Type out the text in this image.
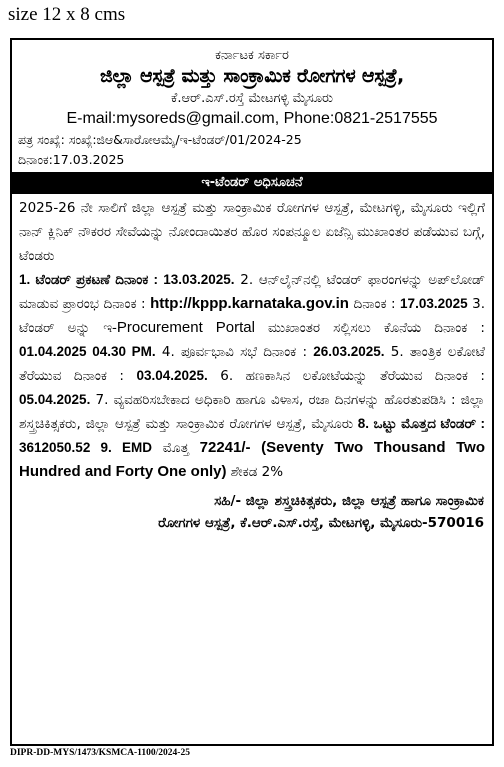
size 12 x 8 cms
ಕರ್ನಾಟಕ ಸರ್ಕಾರ
ಜಿಲ್ಲಾ ಆಸ್ಪತ್ರೆ ಮತ್ತು ಸಾಂಕ್ರಾಮಿಕ ರೋಗಗಳ ಆಸ್ಪತ್ರೆ,
ಕೆ.ಆರ್.ಎಸ್.ರಸ್ತೆ ಮೇಟಗಳ್ಳಿ ಮೈಸೂರು
E-mail:mysoreds@gmail.com, Phone:0821-2517555
ಪತ್ರ ಸಂಖ್ಯೆ: ಸಂಖ್ಯೆ:ಜಿಆ&ಸಾರೋಆಮೈ/ಇ-ಟೆಂಡರ್/01/2024-25
ದಿನಾಂಕ:17.03.2025
ಇ-ಟೆಂಡರ್ ಅಧಿಸೂಚನೆ
2025-26 ನೇ ಸಾಲಿಗೆ ಜಿಲ್ಲಾ ಆಸ್ಪತ್ರೆ ಮತ್ತು ಸಾಂಕ್ರಾಮಿಕ ರೋಗಗಳ ಆಸ್ಪತ್ರೆ, ಮೇಟಗಳ್ಳಿ, ಮೈಸೂರು ಇಲ್ಲಿಗೆ ನಾನ್ ಕ್ಲಿನಿಕ್ ನೌಕರರ ಸೇವೆಯನ್ನು ನೋಂದಾಯಿತರ ಹೊರ ಸಂಪನ್ಮೂಲ ಏಜೆನ್ಸಿ ಮುಖಾಂತರ ಪಡೆಯುವ ಬಗ್ಗೆ, ಟೆಂಡರು
1. ಟೆಂಡರ್ ಪ್ರಕಟಣೆ ದಿನಾಂಕ : 13.03.2025. 2. ಆನ್‌ಲೈನ್‌ನಲ್ಲಿ ಟೆಂಡರ್ ಫಾರಂಗಳನ್ನು ಅಪ್‌ಲೋಡ್ ಮಾಡುವ ಪ್ರಾರಂಭ ದಿನಾಂಕ : http://kppp.karnataka.gov.in ದಿನಾಂಕ : 17.03.2025 3. ಟೆಂಡರ್ ಅನ್ನು ಇ-Procurement Portal ಮುಖಾಂತರ ಸಲ್ಲಿಸಲು ಕೊನೆಯ ದಿನಾಂಕ : 01.04.2025 04.30 PM. 4. ಪೂರ್ವಭಾವಿ ಸಭೆ ದಿನಾಂಕ : 26.03.2025. 5. ತಾಂತ್ರಿಕ ಲಕೋಟೆ ತೆರೆಯುವ ದಿನಾಂಕ : 03.04.2025. 6. ಹಣಕಾಸಿನ ಲಕೋಟೆಯನ್ನು ತೆರೆಯುವ ದಿನಾಂಕ : 05.04.2025. 7. ವ್ಯವಹರಿಸಬೇಕಾದ ಅಧಿಕಾರಿ ಹಾಗೂ ವಿಳಾಸ, ರಜಾ ದಿನಗಳನ್ನು ಹೊರತುಪಡಿಸಿ : ಜಿಲ್ಲಾ ಶಸ್ತ್ರಚಿಕಿತ್ಸಕರು, ಜಿಲ್ಲಾ ಆಸ್ಪತ್ರೆ ಮತ್ತು ಸಾಂಕ್ರಾಮಿಕ ರೋಗಗಳ ಆಸ್ಪತ್ರೆ, ಮೈಸೂರು 8. ಒಟ್ಟು ಮೊತ್ತದ ಟೆಂಡರ್ : 3612050.52 9. EMD ಮೊತ್ತ 72241/- (Seventy Two Thousand Two Hundred and Forty One only) ಶೇಕಡ 2%
ಸಹಿ/- ಜಿಲ್ಲಾ ಶಸ್ತ್ರಚಿಕಿತ್ಸಕರು, ಜಿಲ್ಲಾ ಆಸ್ಪತ್ರೆ ಹಾಗೂ ಸಾಂಕ್ರಾಮಿಕ
ರೋಗಗಳ ಆಸ್ಪತ್ರೆ, ಕೆ.ಆರ್.ಎಸ್.ರಸ್ತೆ, ಮೇಟಗಳ್ಳಿ, ಮೈಸೂರು-570016
DIPR-DD-MYS/1473/KSMCA-1100/2024-25
